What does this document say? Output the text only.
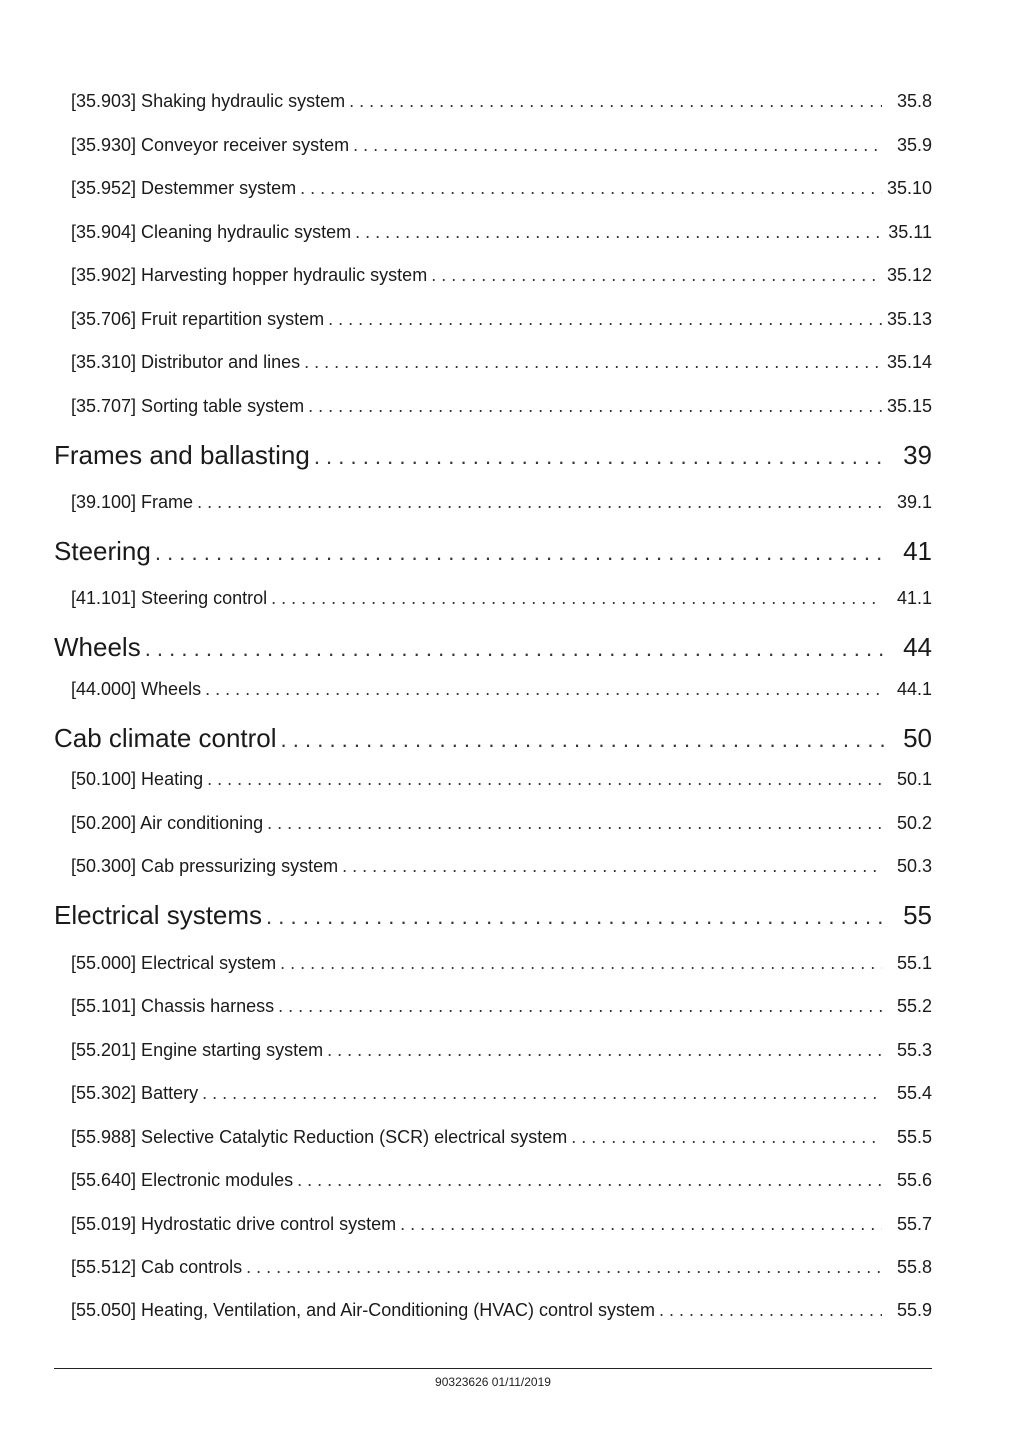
[35.903] Shaking hydraulic system . . .	35.8
[35.930] Conveyor receiver system . . .	35.9
[35.952] Destemmer system . . .	35.10
[35.904] Cleaning hydraulic system . . .	35.11
[35.902] Harvesting hopper hydraulic system . . .	35.12
[35.706] Fruit repartition system . . .	35.13
[35.310] Distributor and lines . . .	35.14
[35.707] Sorting table system . . .	35.15
Frames and ballasting . . .	39
[39.100] Frame . . .	39.1
Steering . . .	41
[41.101] Steering control . . .	41.1
Wheels . . .	44
[44.000] Wheels . . .	44.1
Cab climate control . . .	50
[50.100] Heating . . .	50.1
[50.200] Air conditioning . . .	50.2
[50.300] Cab pressurizing system . . .	50.3
Electrical systems . . .	55
[55.000] Electrical system . . .	55.1
[55.101] Chassis harness . . .	55.2
[55.201] Engine starting system . . .	55.3
[55.302] Battery . . .	55.4
[55.988] Selective Catalytic Reduction (SCR) electrical system . . .	55.5
[55.640] Electronic modules . . .	55.6
[55.019] Hydrostatic drive control system . . .	55.7
[55.512] Cab controls . . .	55.8
[55.050] Heating, Ventilation, and Air-Conditioning (HVAC) control system . . .	55.9
90323626 01/11/2019
